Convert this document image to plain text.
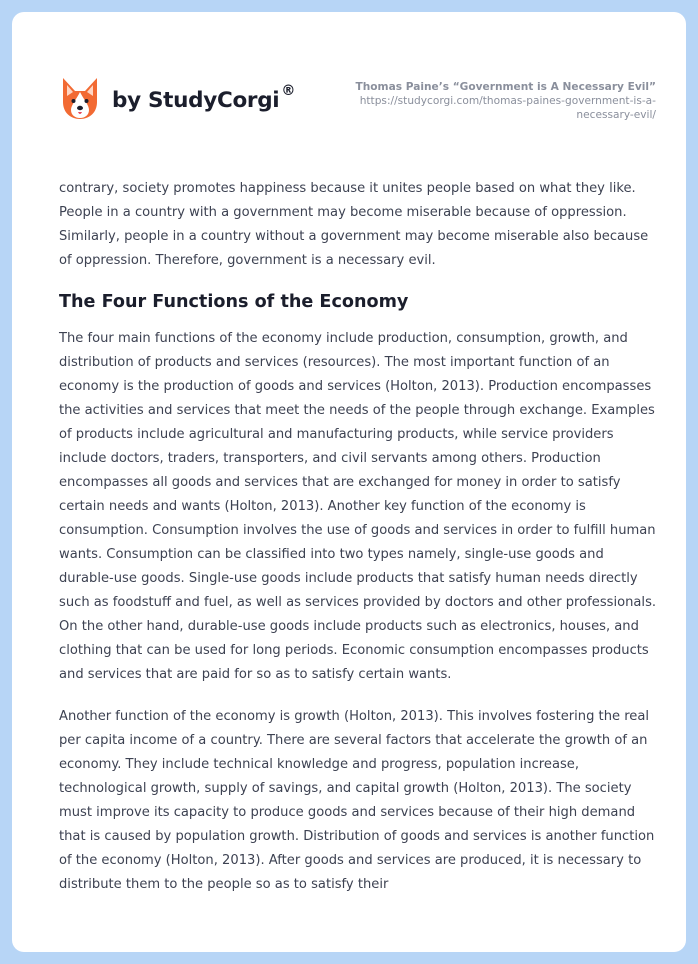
by StudyCorgi ®	Thomas Paine’s “Government is A Necessary Evil”
https://studycorgi.com/thomas-paines-government-is-a-
necessary-evil/

contrary, society promotes happiness because it unites people based on what they like. People in a country with a government may become miserable because of oppression. Similarly, people in a country without a government may become miserable also because of oppression. Therefore, government is a necessary evil.

The Four Functions of the Economy

The four main functions of the economy include production, consumption, growth, and distribution of products and services (resources). The most important function of an economy is the production of goods and services (Holton, 2013). Production encompasses the activities and services that meet the needs of the people through exchange. Examples of products include agricultural and manufacturing products, while service providers include doctors, traders, transporters, and civil servants among others. Production encompasses all goods and services that are exchanged for money in order to satisfy certain needs and wants (Holton, 2013). Another key function of the economy is consumption. Consumption involves the use of goods and services in order to fulfill human wants. Consumption can be classified into two types namely, single-use goods and durable-use goods. Single-use goods include products that satisfy human needs directly such as foodstuff and fuel, as well as services provided by doctors and other professionals. On the other hand, durable-use goods include products such as electronics, houses, and clothing that can be used for long periods. Economic consumption encompasses products and services that are paid for so as to satisfy certain wants.

Another function of the economy is growth (Holton, 2013). This involves fostering the real per capita income of a country. There are several factors that accelerate the growth of an economy. They include technical knowledge and progress, population increase, technological growth, supply of savings, and capital growth (Holton, 2013). The society must improve its capacity to produce goods and services because of their high demand that is caused by population growth. Distribution of goods and services is another function of the economy (Holton, 2013). After goods and services are produced, it is necessary to distribute them to the people so as to satisfy their
